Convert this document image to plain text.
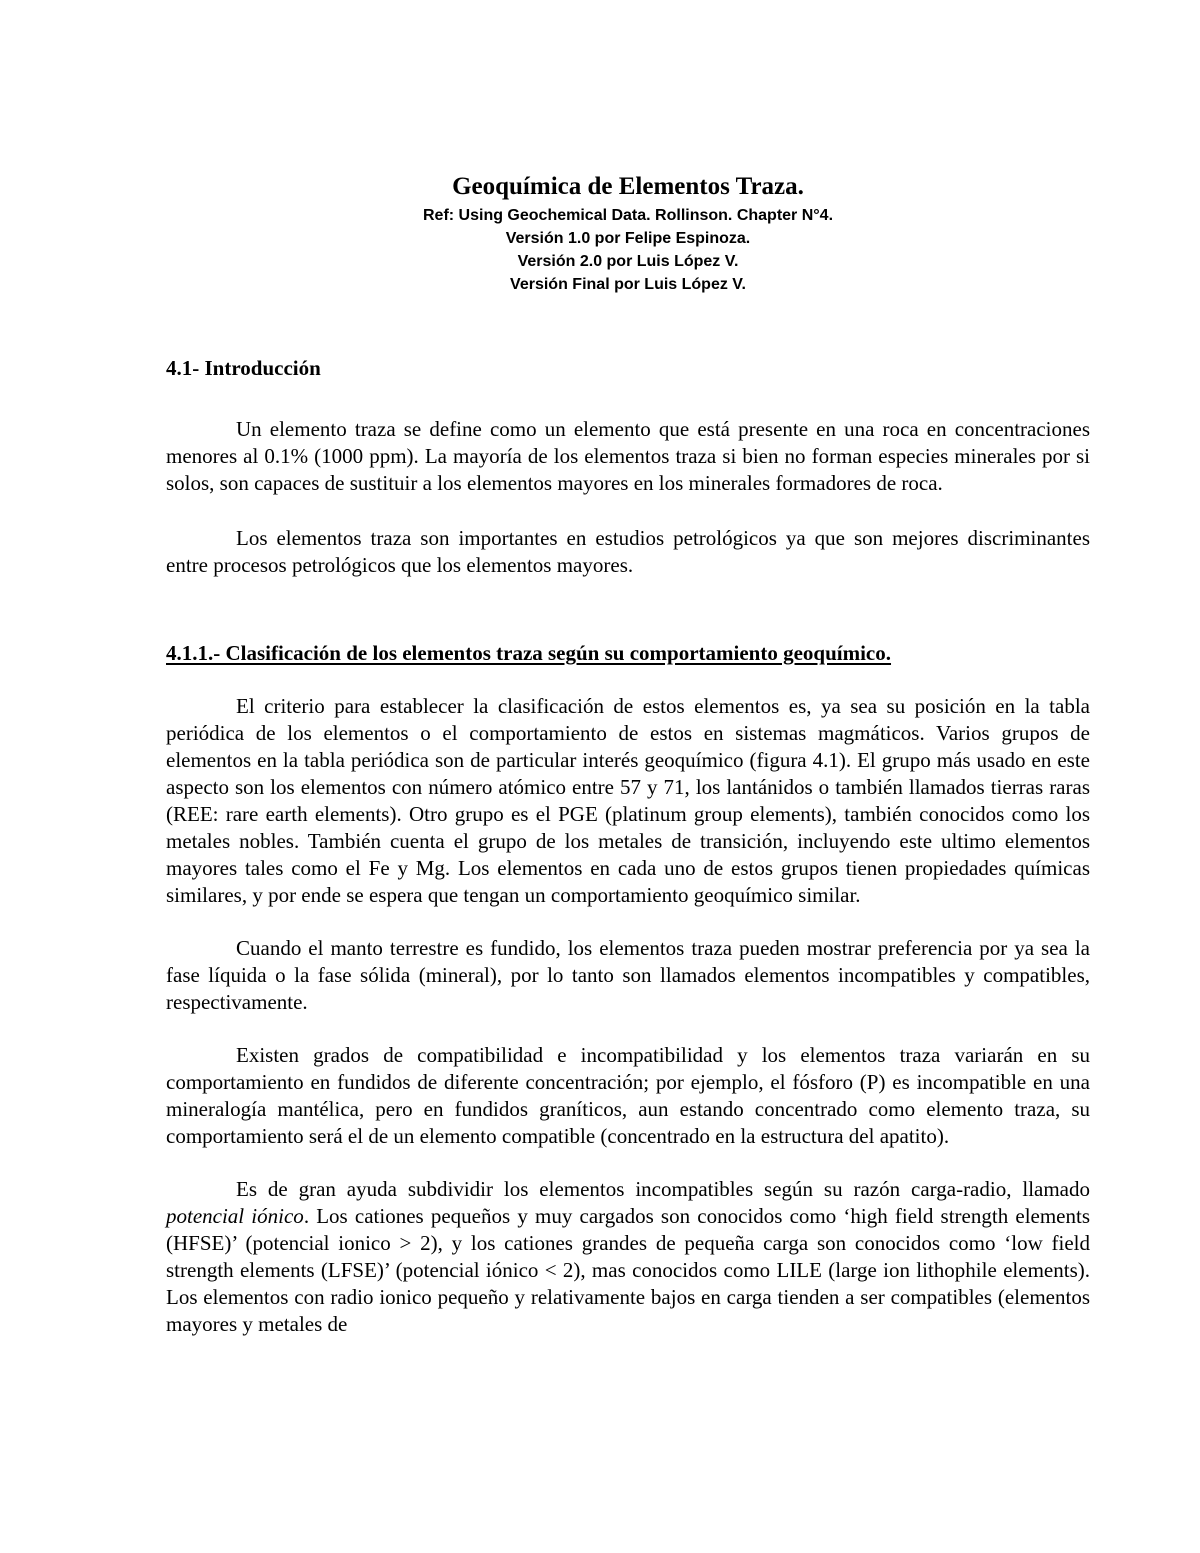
Geoquímica de Elementos Traza.

Ref: Using Geochemical Data. Rollinson. Chapter N°4.

Versión 1.0 por Felipe Espinoza.

Versión 2.0 por Luis López V.

Versión Final por Luis López V.

4.1- Introducción

Un elemento traza se define como un elemento que está presente en una roca en concentraciones menores al 0.1% (1000 ppm). La mayoría de los elementos traza si bien no forman especies minerales por si solos, son capaces de sustituir a los elementos mayores en los minerales formadores de roca.

Los elementos traza son importantes en estudios petrológicos ya que son mejores discriminantes entre procesos petrológicos que los elementos mayores.

4.1.1.- Clasificación de los elementos traza según su comportamiento geoquímico.

El criterio para establecer la clasificación de estos elementos es, ya sea su posición en la tabla periódica de los elementos o el comportamiento de estos en sistemas magmáticos. Varios grupos de elementos en la tabla periódica son de particular interés geoquímico (figura 4.1). El grupo más usado en este aspecto son los elementos con número atómico entre 57 y 71, los lantánidos o también llamados tierras raras (REE: rare earth elements). Otro grupo es el PGE (platinum group elements), también conocidos como los metales nobles. También cuenta el grupo de los metales de transición, incluyendo este ultimo elementos mayores tales como el Fe y Mg. Los elementos en cada uno de estos grupos tienen propiedades químicas similares, y por ende se espera que tengan un comportamiento geoquímico similar.

Cuando el manto terrestre es fundido, los elementos traza pueden mostrar preferencia por ya sea la fase líquida o la fase sólida (mineral), por lo tanto son llamados elementos incompatibles y compatibles, respectivamente.

Existen grados de compatibilidad e incompatibilidad y los elementos traza variarán en su comportamiento en fundidos de diferente concentración; por ejemplo, el fósforo (P) es incompatible en una mineralogía mantélica, pero en fundidos graníticos, aun estando concentrado como elemento traza, su comportamiento será el de un elemento compatible (concentrado en la estructura del apatito).

Es de gran ayuda subdividir los elementos incompatibles según su razón carga-radio, llamado potencial iónico. Los cationes pequeños y muy cargados son conocidos como ‘high field strength elements (HFSE)’ (potencial ionico > 2), y los cationes grandes de pequeña carga son conocidos como ‘low field strength elements (LFSE)’ (potencial iónico < 2), mas conocidos como LILE (large ion lithophile elements). Los elementos con radio ionico pequeño y relativamente bajos en carga tienden a ser compatibles (elementos mayores y metales de
